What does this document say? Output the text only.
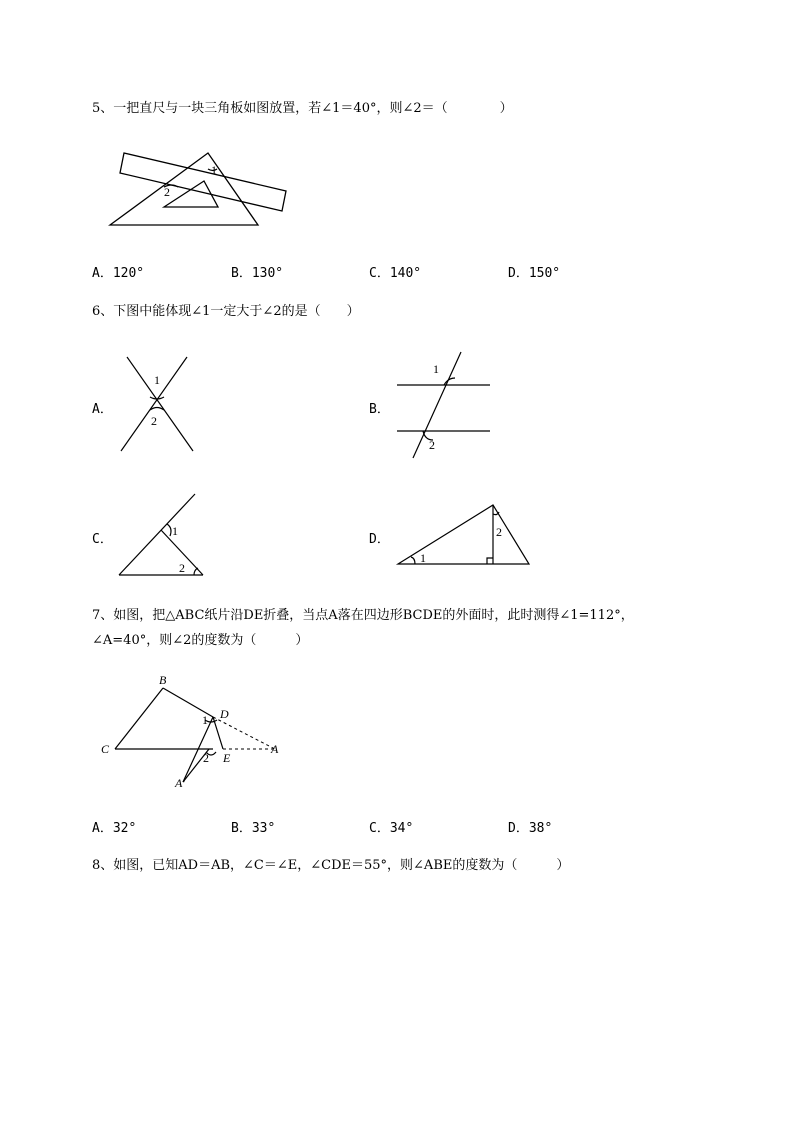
5、一把直尺与一块三角板如图放置，若∠1＝40°，则∠2＝（　　　　）
1
2
A．120°	B．130°	C．140°	D．150°
6、下图中能体现∠1一定大于∠2的是（　　）
A．
1
2
B．
1
2
C．
1
2
D．
1
2
7、如图，把△ABC纸片沿DE折叠，当点A落在四边形BCDE的外面时，此时测得∠1=112°，
∠A=40°，则∠2的度数为（　　　）
B
C
D
E
A
A′
1
2
A．32°	B．33°	C．34°	D．38°
8、如图，已知AD＝AB，∠C＝∠E，∠CDE＝55°，则∠ABE的度数为（　　　）
